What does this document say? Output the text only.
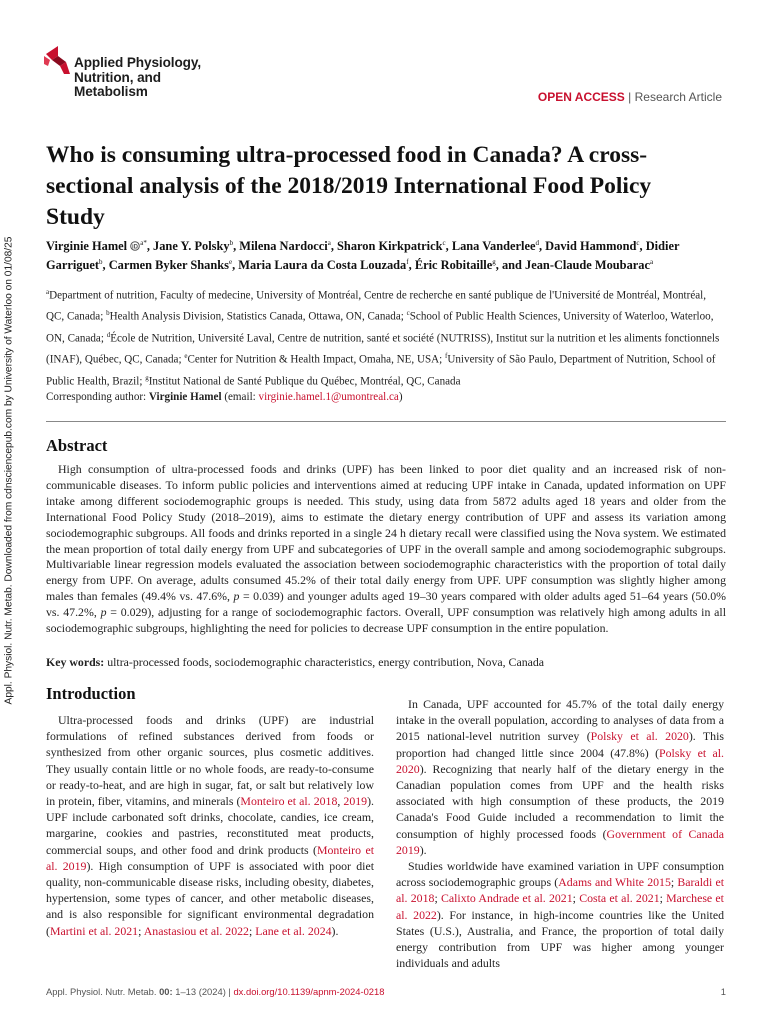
Appl. Physiol. Nutr. Metab. Downloaded from cdnsciencepub.com by University of Waterloo on 01/08/25
Applied Physiology,
Nutrition, and
Metabolism	OPEN ACCESS | Research Article
Who is consuming ultra-processed food in Canada? A cross-sectional analysis of the 2018/2019 International Food Policy Study
Virginie Hamel iD
$^{a*}$, Jane Y. Polsky$^b$, Milena Nardocci$^a$, Sharon Kirkpatrick$^c$, Lana Vanderlee$^d$, David Hammond$^c$, Didier Garriguet$^b$, Carmen Byker Shanks$^e$, Maria Laura da Costa Louzada$^f$, Éric Robitaille$^g$, and Jean-Claude Moubarac$^a$
$^a$Department of nutrition, Faculty of medecine, University of Montréal, Centre de recherche en santé publique de l'Université de Montréal, Montréal, QC, Canada; $^b$Health Analysis Division, Statistics Canada, Ottawa, ON, Canada; $^c$School of Public Health Sciences, University of Waterloo, Waterloo, ON, Canada; $^d$École de Nutrition, Université Laval, Centre de nutrition, santé et société (NUTRISS), Institut sur la nutrition et les aliments fonctionnels (INAF), Québec, QC, Canada; $^e$Center for Nutrition & Health Impact, Omaha, NE, USA; $^f$University of São Paulo, Department of Nutrition, School of Public Health, Brazil; $^g$Institut National de Santé Publique du Québec, Montréal, QC, Canada
Corresponding author: Virginie Hamel (email: virginie.hamel.1@umontreal.ca)
Abstract

High consumption of ultra-processed foods and drinks (UPF) has been linked to poor diet quality and an increased risk of non-communicable diseases. To inform public policies and interventions aimed at reducing UPF intake in Canada, updated information on UPF intake among different sociodemographic groups is needed. This study, using data from 5872 adults aged 18 years and older from the International Food Policy Study (2018–2019), aims to estimate the dietary energy contribution of UPF and assess its variation among sociodemographic subgroups. All foods and drinks reported in a single 24 h dietary recall were classified using the Nova system. We estimated the mean proportion of total daily energy from UPF and subcategories of UPF in the overall sample and among sociodemographic subgroups. Multivariable linear regression models evaluated the association between sociodemographic characteristics with the proportion of total daily energy from UPF. On average, adults consumed 45.2% of their total daily energy from UPF. UPF consumption was slightly higher among males than females (49.4% vs. 47.6%, p = 0.039) and younger adults aged 19–30 years compared with older adults aged 51–64 years (50.0% vs. 47.2%, p = 0.029), adjusting for a range of sociodemographic factors. Overall, UPF consumption was relatively high among adults in all sociodemographic subgroups, highlighting the need for policies to decrease UPF consumption in the entire population.

Key words: ultra-processed foods, sociodemographic characteristics, energy contribution, Nova, Canada
Introduction

Ultra-processed foods and drinks (UPF) are industrial formulations of refined substances derived from foods or synthesized from other organic sources, plus cosmetic additives. They usually contain little or no whole foods, are ready-to-consume or ready-to-heat, and are high in sugar, fat, or salt but relatively low in protein, fiber, vitamins, and minerals (Monteiro et al. 2018, 2019). UPF include carbonated soft drinks, chocolate, candies, ice cream, margarine, cookies and pastries, reconstituted meat products, commercial soups, and other food and drink products (Monteiro et al. 2019). High consumption of UPF is associated with poor diet quality, non-communicable disease risks, including obesity, diabetes, hypertension, some types of cancer, and other metabolic diseases, and is also responsible for significant environmental degradation (Martini et al. 2021; Anastasiou et al. 2022; Lane et al. 2024).

In Canada, UPF accounted for 45.7% of the total daily energy intake in the overall population, according to analyses of data from a 2015 national-level nutrition survey (Polsky et al. 2020). This proportion had changed little since 2004 (47.8%) (Polsky et al. 2020). Recognizing that nearly half of the dietary energy in the Canadian population comes from UPF and the health risks associated with high consumption of these products, the 2019 Canada's Food Guide included a recommendation to limit the consumption of highly processed foods (Government of Canada 2019).

Studies worldwide have examined variation in UPF consumption across sociodemographic groups (Adams and White 2015; Baraldi et al. 2018; Calixto Andrade et al. 2021; Costa et al. 2021; Marchese et al. 2022). For instance, in high-income countries like the United States (U.S.), Australia, and France, the proportion of total daily energy contribution from UPF was higher among younger individuals and adults

Appl. Physiol. Nutr. Metab. 00: 1–13 (2024) | dx.doi.org/10.1139/apnm-2024-0218	1
